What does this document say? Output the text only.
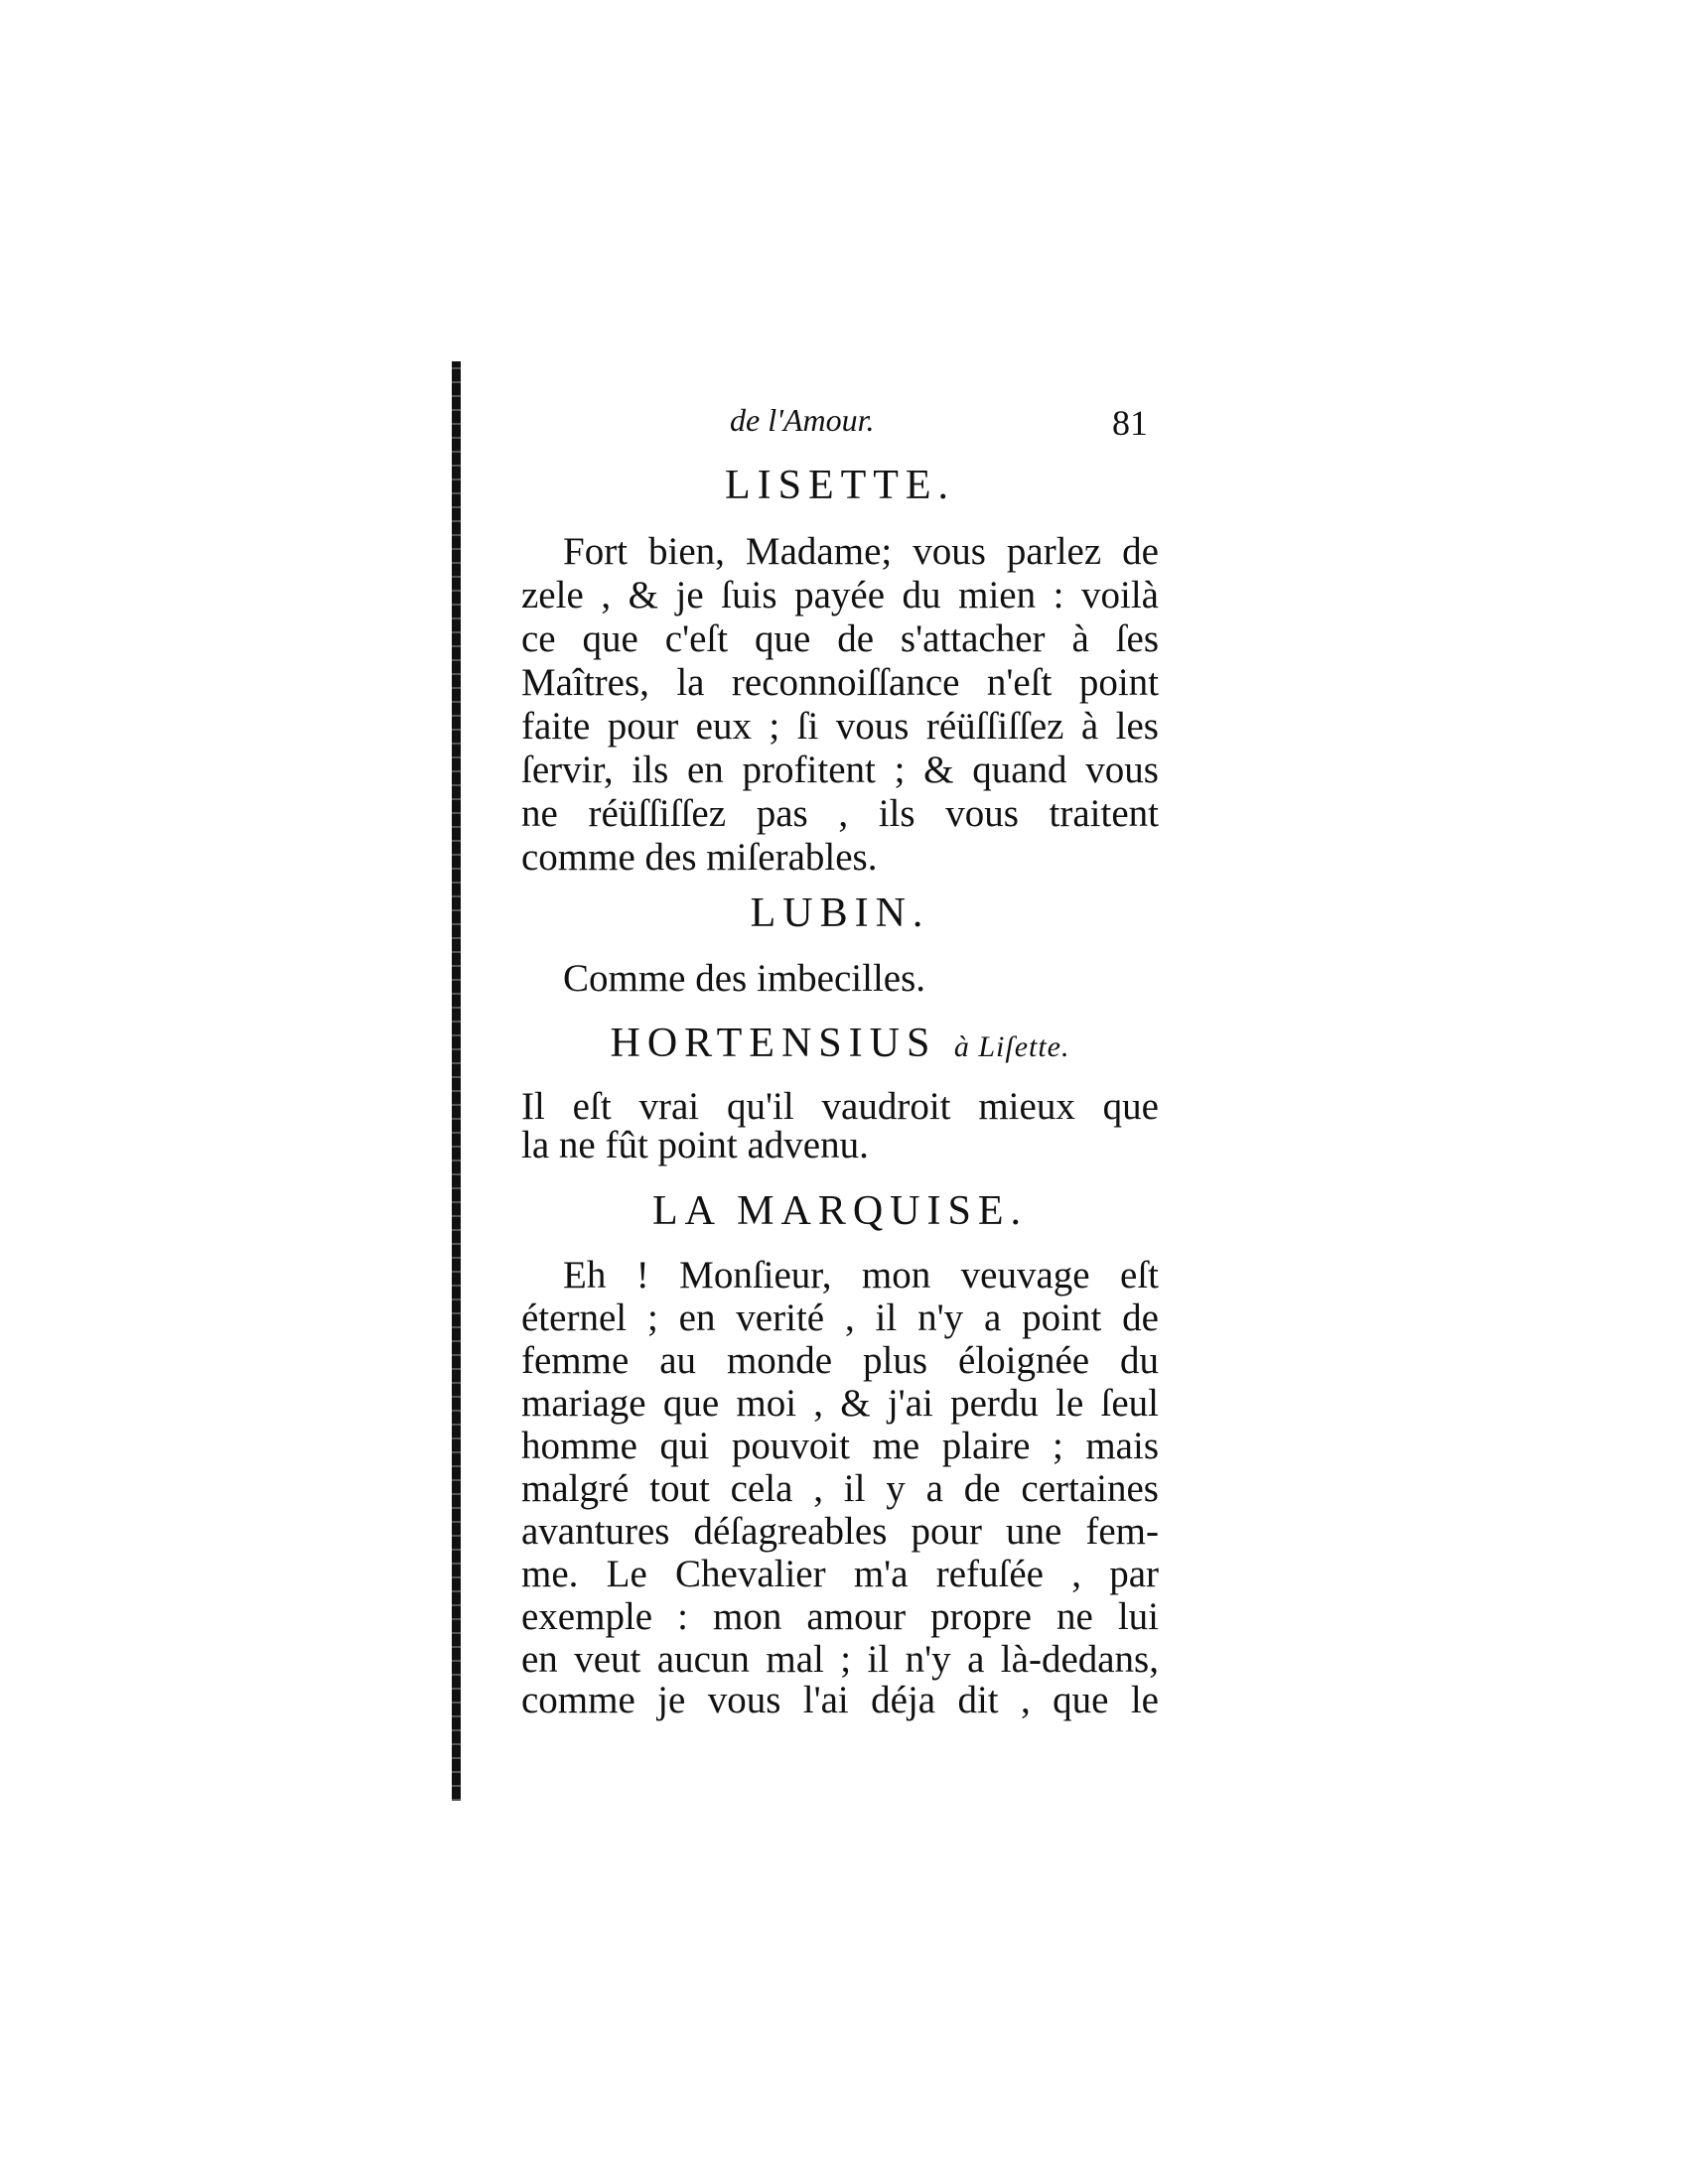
de l'Amour.	81
LISETTE.
Fort bien, Madame; vous parlez de
zele , & je ſuis payée du mien : voilà
ce que c'eſt que de s'attacher à ſes
Maîtres, la reconnoiſſance n'eſt point
faite pour eux ; ſi vous réüſſiſſez à les
ſervir, ils en profitent ; & quand vous
ne réüſſiſſez pas , ils vous traitent
comme des miſerables.
LUBIN.
Comme des imbecilles.
HORTENSIUS à Liſette.
Il eſt vrai qu'il vaudroit mieux que
la ne fût point advenu.
LA MARQUISE.
Eh ! Monſieur, mon veuvage eſt
éternel ; en verité , il n'y a point de
femme au monde plus éloignée du
mariage que moi , & j'ai perdu le ſeul
homme qui pouvoit me plaire ; mais
malgré tout cela , il y a de certaines
avantures déſagreables pour une fem-
me. Le Chevalier m'a refuſée , par
exemple : mon amour propre ne lui
en veut aucun mal ; il n'y a là-dedans,
comme je vous l'ai déja dit , que le
